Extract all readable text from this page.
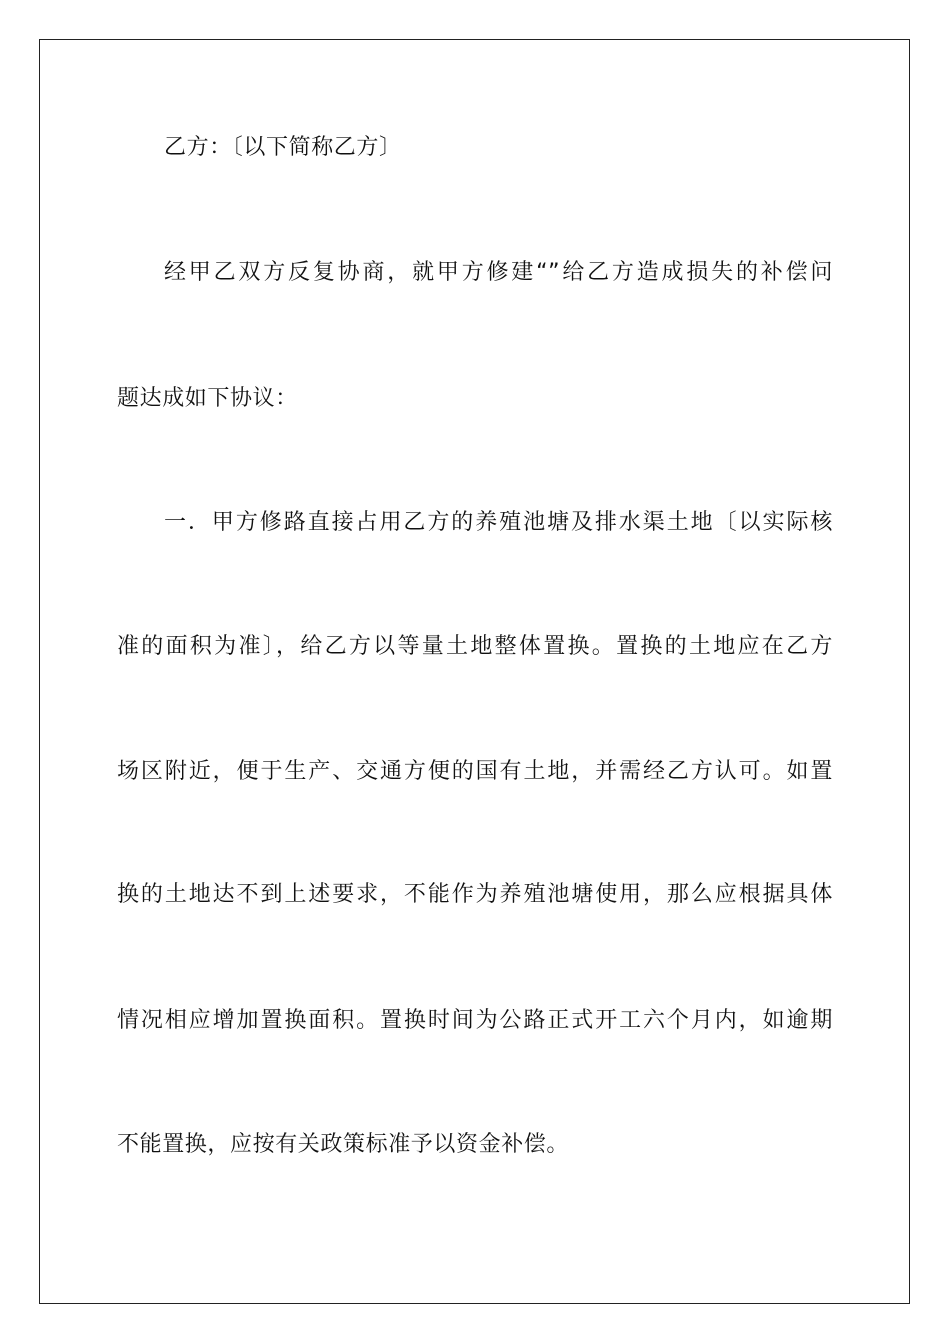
乙方：〔以下简称乙方〕
经甲乙双方反复协商，就甲方修建“”给乙方造成损失的补偿问
题达成如下协议：
一．甲方修路直接占用乙方的养殖池塘及排水渠土地〔以实际核
准的面积为准〕，给乙方以等量土地整体置换。置换的土地应在乙方
场区附近，便于生产、交通方便的国有土地，并需经乙方认可。如置
换的土地达不到上述要求，不能作为养殖池塘使用，那么应根据具体
情况相应增加置换面积。置换时间为公路正式开工六个月内，如逾期
不能置换，应按有关政策标准予以资金补偿。
